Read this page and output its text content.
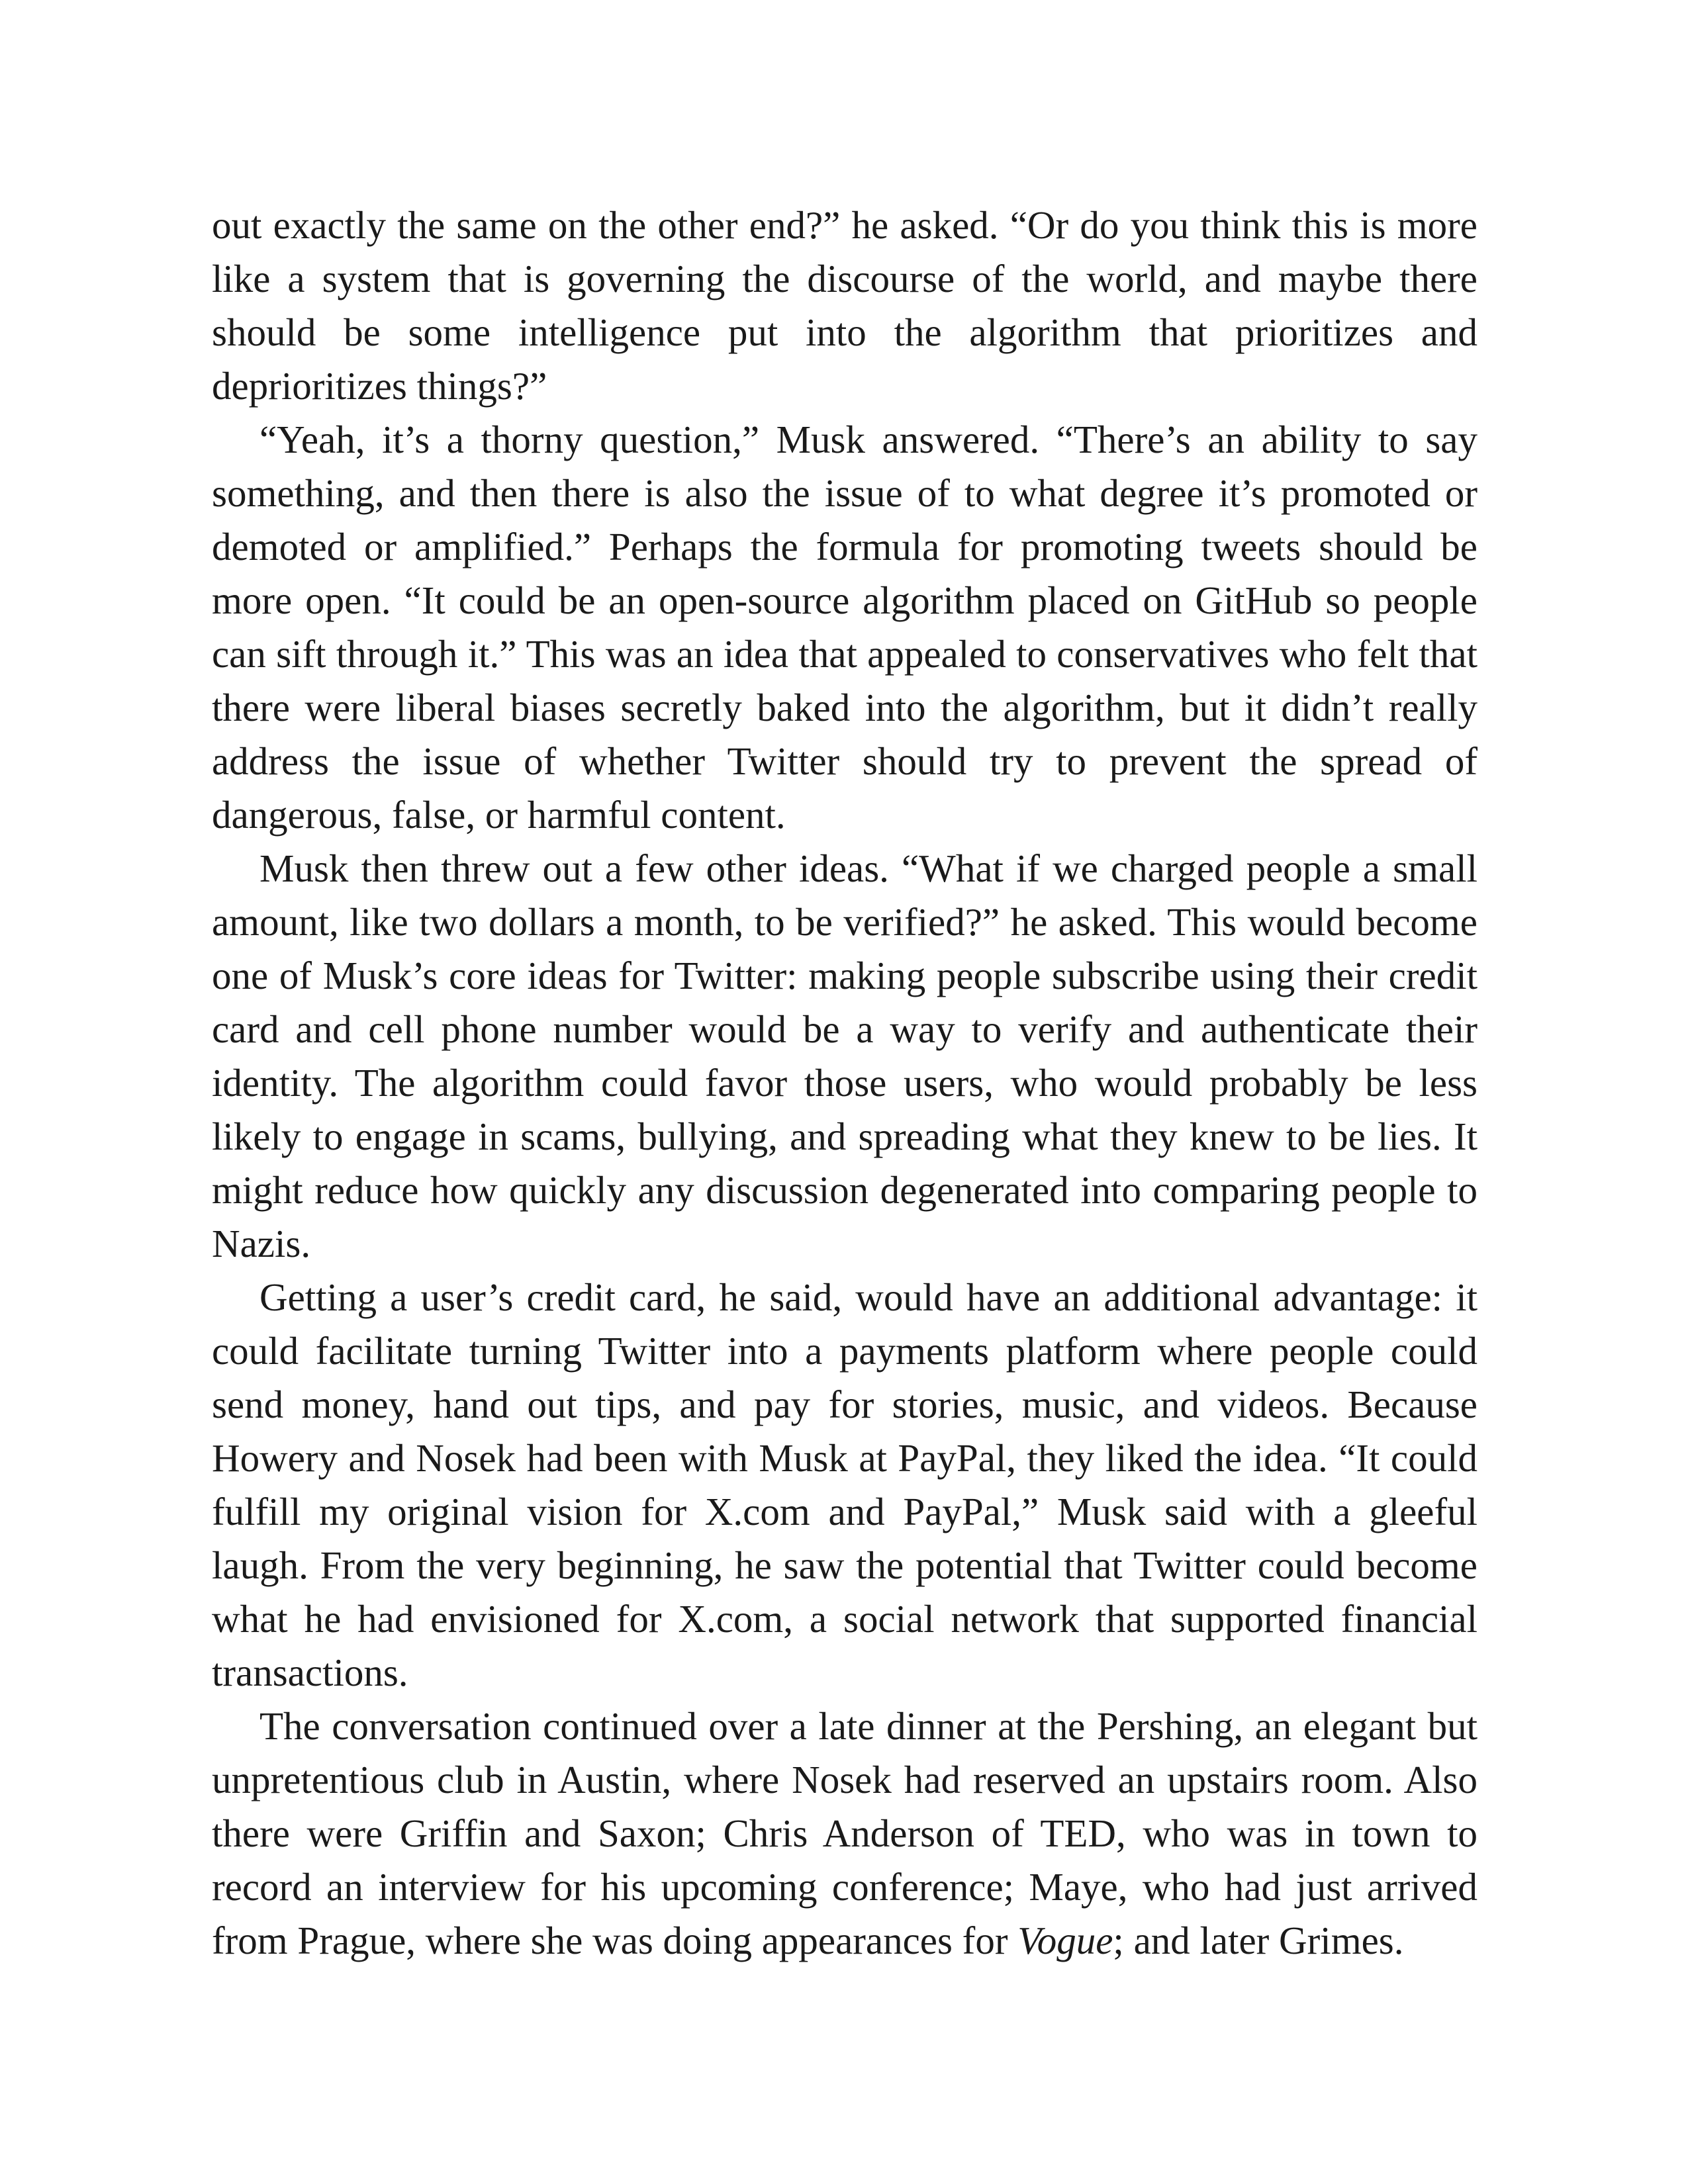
out exactly the same on the other end?” he asked. “Or do you think this is more like a system that is governing the discourse of the world, and maybe there should be some intelligence put into the algorithm that prioritizes and deprioritizes things?”

“Yeah, it’s a thorny question,” Musk answered. “There’s an ability to say something, and then there is also the issue of to what degree it’s promoted or demoted or amplified.” Perhaps the formula for promoting tweets should be more open. “It could be an open-source algorithm placed on GitHub so people can sift through it.” This was an idea that appealed to conservatives who felt that there were liberal biases secretly baked into the algorithm, but it didn’t really address the issue of whether Twitter should try to prevent the spread of dangerous, false, or harmful content.

Musk then threw out a few other ideas. “What if we charged people a small amount, like two dollars a month, to be verified?” he asked. This would become one of Musk’s core ideas for Twitter: making people subscribe using their credit card and cell phone number would be a way to verify and authenticate their identity. The algorithm could favor those users, who would probably be less likely to engage in scams, bullying, and spreading what they knew to be lies. It might reduce how quickly any discussion degenerated into comparing people to Nazis.

Getting a user’s credit card, he said, would have an additional advantage: it could facilitate turning Twitter into a payments platform where people could send money, hand out tips, and pay for stories, music, and videos. Because Howery and Nosek had been with Musk at PayPal, they liked the idea. “It could fulfill my original vision for X.com and PayPal,” Musk said with a gleeful laugh. From the very beginning, he saw the potential that Twitter could become what he had envisioned for X.com, a social network that supported financial transactions.

The conversation continued over a late dinner at the Pershing, an elegant but unpretentious club in Austin, where Nosek had reserved an upstairs room. Also there were Griffin and Saxon; Chris Anderson of TED, who was in town to record an interview for his upcoming conference; Maye, who had just arrived from Prague, where she was doing appearances for Vogue; and later Grimes.
